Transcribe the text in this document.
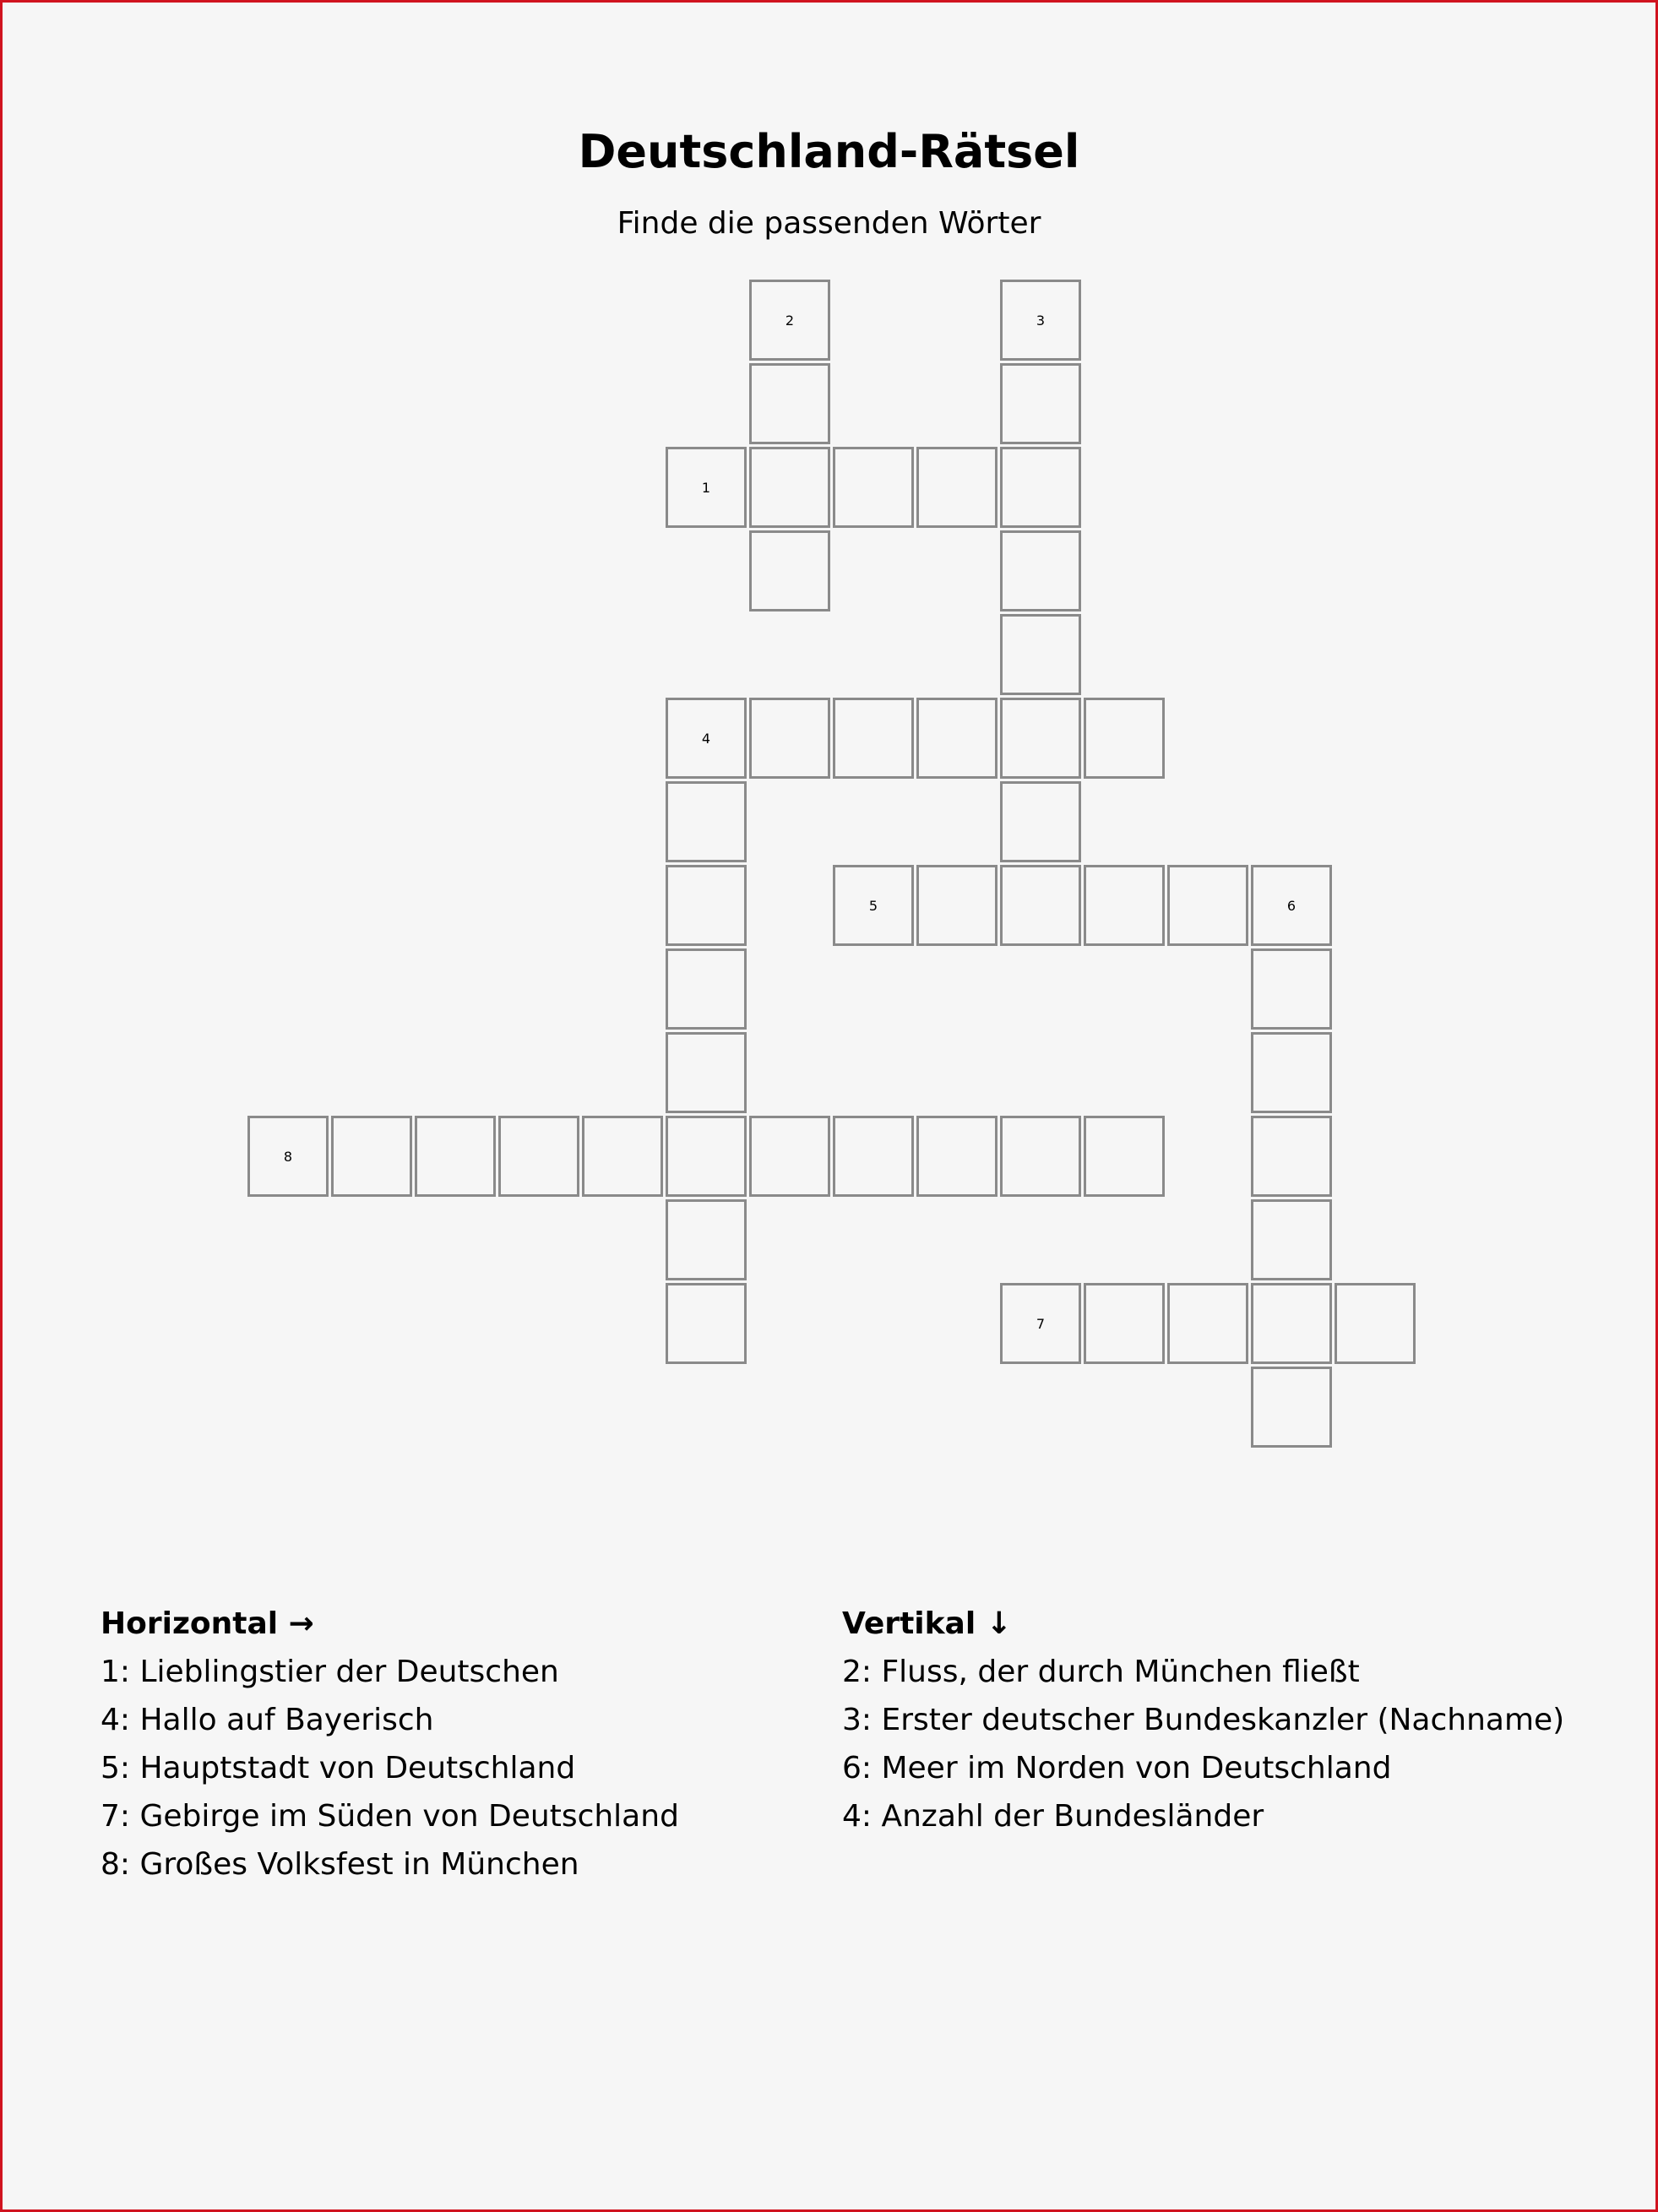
Deutschland-Rätsel
Finde die passenden Wörter
2	3
1
4
5	6
8
7
Horizontal →
1: Lieblingstier der Deutschen
4: Hallo auf Bayerisch
5: Hauptstadt von Deutschland
7: Gebirge im Süden von Deutschland
8: Großes Volksfest in München
Vertikal ↓
2: Fluss, der durch München fließt
3: Erster deutscher Bundeskanzler (Nachname)
6: Meer im Norden von Deutschland
4: Anzahl der Bundesländer
